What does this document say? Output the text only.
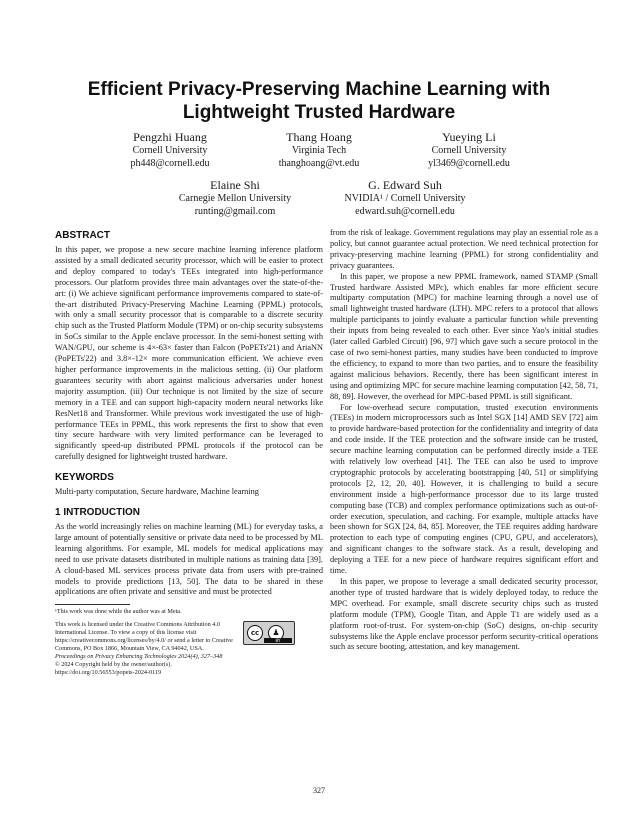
Efficient Privacy-Preserving Machine Learning with Lightweight Trusted Hardware
Pengzhi Huang
Cornell University
ph448@cornell.edu
Thang Hoang
Virginia Tech
thanghoang@vt.edu
Yueying Li
Cornell University
yl3469@cornell.edu
Elaine Shi
Carnegie Mellon University
runting@gmail.com
G. Edward Suh
NVIDIA¹ / Cornell University
edward.suh@cornell.edu
ABSTRACT

In this paper, we propose a new secure machine learning inference platform assisted by a small dedicated security processor, which will be easier to protect and deploy compared to today's TEEs integrated into high-performance processors. Our platform provides three main advantages over the state-of-the-art: (i) We achieve significant performance improvements compared to state-of-the-art distributed Privacy-Preserving Machine Learning (PPML) protocols, with only a small security processor that is comparable to a discrete security chip such as the Trusted Platform Module (TPM) or on-chip security subsystems in SoCs similar to the Apple enclave processor. In the semi-honest setting with WAN/GPU, our scheme is 4×-63× faster than Falcon (PoPETs'21) and AriaNN (PoPETs'22) and 3.8×-12× more communication efficient. We achieve even higher performance improvements in the malicious setting. (ii) Our platform guarantees security with abort against malicious adversaries under honest majority assumption. (iii) Our technique is not limited by the size of secure memory in a TEE and can support high-capacity modern neural networks like ResNet18 and Transformer. While previous work investigated the use of high-performance TEEs in PPML, this work represents the first to show that even tiny secure hardware with very limited performance can be leveraged to significantly speed-up distributed PPML protocols if the protocol can be carefully designed for lightweight trusted hardware.

KEYWORDS

Multi-party computation, Secure hardware, Machine learning

1 INTRODUCTION

As the world increasingly relies on machine learning (ML) for everyday tasks, a large amount of potentially sensitive or private data need to be processed by ML learning algorithms. For example, ML models for medical applications may need to use private datasets distributed in multiple nations as training data [39]. A cloud-based ML services process private data from users with pre-trained models to provide predictions [13, 50]. The data to be shared in these applications are often private and sensitive and must be protected

¹This work was done while the author was at Meta.

This work is licensed under the Creative Commons Attribution 4.0 International License. To view a copy of this license visit https://creativecommons.org/licenses/by/4.0/ or send a letter to Creative Commons, PO Box 1866, Mountain View, CA 94042, USA.
cc	♟
BY
Proceedings on Privacy Enhancing Technologies 2024(4), 327–348
© 2024 Copyright held by the owner/author(s).
https://doi.org/10.56553/popets-2024-0119

from the risk of leakage. Government regulations may play an essential role as a policy, but cannot guarantee actual protection. We need technical protection for privacy-preserving machine learning (PPML) for strong confidentiality and privacy guarantees.

In this paper, we propose a new PPML framework, named STAMP (Small Trusted hardware Assisted MPc), which enables far more efficient secure multiparty computation (MPC) for machine learning through a novel use of small lightweight trusted hardware (LTH). MPC refers to a protocol that allows multiple participants to jointly evaluate a particular function while preventing their inputs from being revealed to each other. Ever since Yao's initial studies (later called Garbled Circuit) [96, 97] which gave such a secure protocol in the case of two semi-honest parties, many studies have been conducted to improve the efficiency, to expand to more than two parties, and to ensure the feasibility against malicious behaviors. Recently, there has been significant interest in using and optimizing MPC for secure machine learning computation [42, 58, 71, 88, 89]. However, the overhead for MPC-based PPML is still significant.

For low-overhead secure computation, trusted execution environments (TEEs) in modern microprocessors such as Intel SGX [14] AMD SEV [72] aim to provide hardware-based protection for the confidentiality and integrity of data and code inside. If the TEE protection and the software inside can be trusted, secure machine learning computation can be performed directly inside a TEE with relatively low overhead [41]. The TEE can also be used to improve cryptographic protocols by accelerating bootstrapping [40, 51] or simplifying protocols [2, 12, 20, 40]. However, it is challenging to build a secure environment inside a high-performance processor due to its large trusted computing base (TCB) and complex performance optimizations such as out-of-order execution, speculation, and caching. For example, multiple attacks have been shown for SGX [24, 84, 85]. Moreover, the TEE requires adding hardware protection to each type of computing engines (CPU, GPU, and accelerators), and significant changes to the software stack. As a result, developing and deploying a TEE for a new piece of hardware requires significant effort and time.

In this paper, we propose to leverage a small dedicated security processor, another type of trusted hardware that is widely deployed today, to reduce the MPC overhead. For example, small discrete security chips such as trusted platform module (TPM), Google Titan, and Apple T1 are widely used as a platform root-of-trust. For system-on-chip (SoC) designs, on-chip security subsystems like the Apple enclave processor perform security-critical operations such as secure booting, attestation, and key management.

327
